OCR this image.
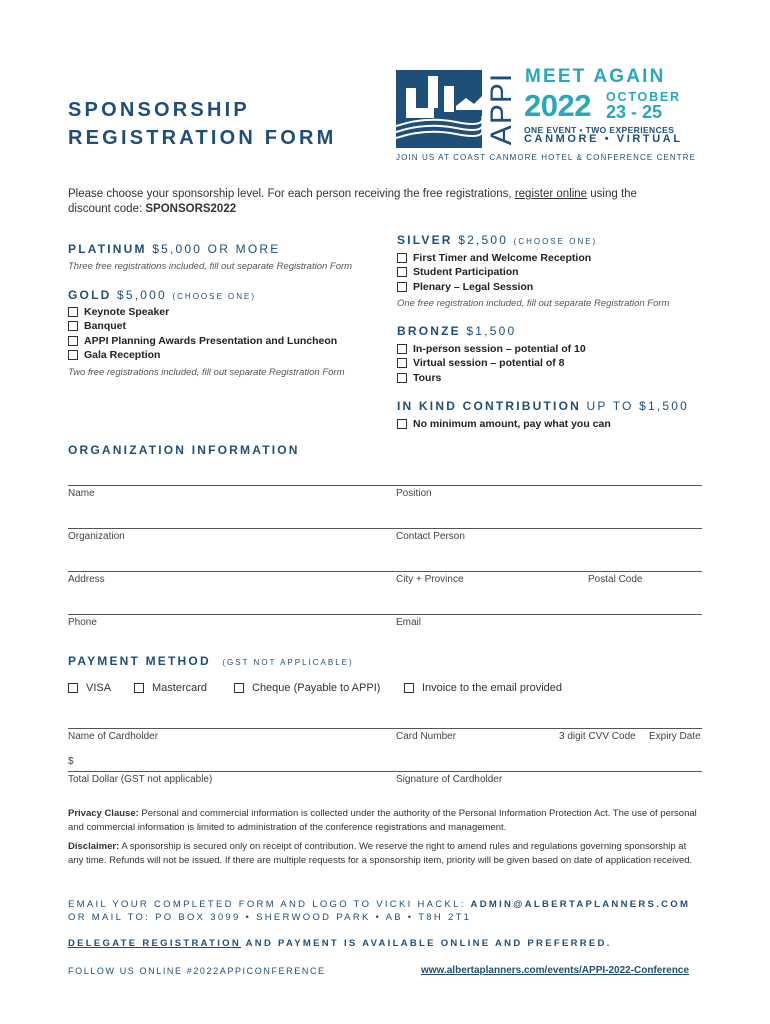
SPONSORSHIP
REGISTRATION FORM	APPI MEET AGAIN
2022 OCTOBER
23 - 25
ONE EVENT • TWO EXPERIENCES
CANMORE • VIRTUAL
JOIN US AT COAST CANMORE HOTEL & CONFERENCE CENTRE
Please choose your sponsorship level. For each person receiving the free registrations, register online using the discount code: SPONSORS2022
PLATINUM $5,000 OR MORE
Three free registrations included, fill out separate Registration Form
GOLD $5,000 (CHOOSE ONE)
Keynote Speaker
Banquet
APPI Planning Awards Presentation and Luncheon
Gala Reception
Two free registrations included, fill out separate Registration Form
SILVER $2,500 (CHOOSE ONE)
First Timer and Welcome Reception
Student Participation
Plenary – Legal Session
One free registration included, fill out separate Registration Form
BRONZE $1,500
In-person session – potential of 10
Virtual session – potential of 8
Tours
IN KIND CONTRIBUTION UP TO $1,500
No minimum amount, pay what you can
ORGANIZATION INFORMATION
Name	Position
Organization	Contact Person
Address	City + Province	Postal Code
Phone	Email
PAYMENT METHOD (GST NOT APPLICABLE)
VISA	Mastercard	Cheque (Payable to APPI)	Invoice to the email provided
Name of Cardholder	Card Number	3 digit CVV Code Expiry Date
$
Total Dollar (GST not applicable)	Signature of Cardholder
Privacy Clause: Personal and commercial information is collected under the authority of the Personal Information Protection Act. The use of personal and commercial information is limited to administration of the conference registrations and management.
Disclaimer: A sponsorship is secured only on receipt of contribution. We reserve the right to amend rules and regulations governing sponsorship at any time. Refunds will not be issued. If there are multiple requests for a sponsorship item, priority will be given based on date of application received.
EMAIL YOUR COMPLETED FORM AND LOGO TO VICKI HACKL: ADMIN@ALBERTAPLANNERS.COM
OR MAIL TO: PO BOX 3099 • SHERWOOD PARK • AB • T8H 2T1
DELEGATE REGISTRATION AND PAYMENT IS AVAILABLE ONLINE AND PREFERRED.
FOLLOW US ONLINE #2022APPICONFERENCE	www.albertaplanners.com/events/APPI-2022-Conference
